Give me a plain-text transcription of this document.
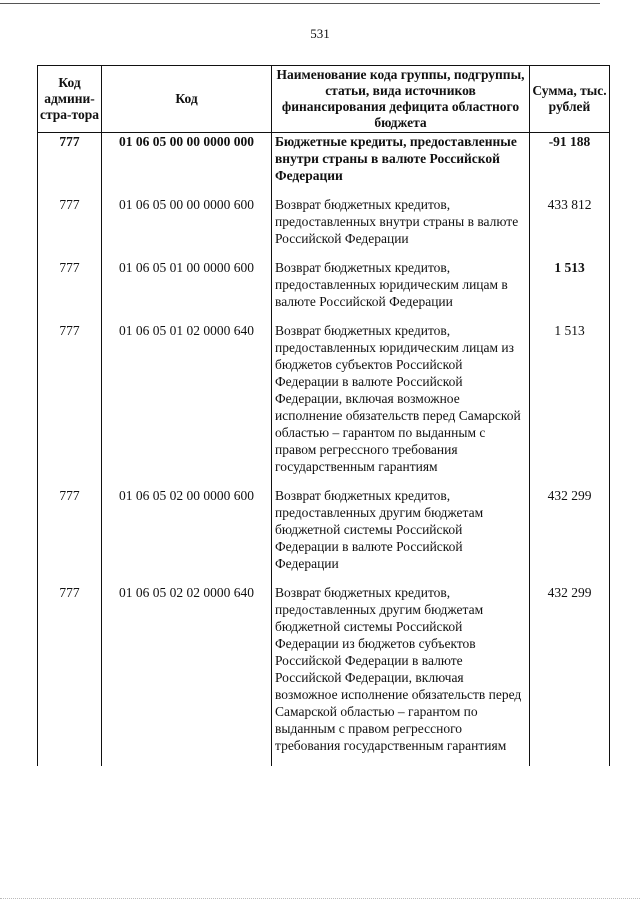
531
Код админи-стра-тора	Код	Наименование кода группы, подгруппы, статьи, вида источников финансирования дефицита областного бюджета	Сумма, тыс. рублей
777	01 06 05 00 00 0000 000	Бюджетные кредиты, предоставленные внутри страны в валюте Российской Федерации	-91 188
777	01 06 05 00 00 0000 600	Возврат бюджетных кредитов, предоставленных внутри страны в валюте Российской Федерации	433 812
777	01 06 05 01 00 0000 600	Возврат бюджетных кредитов, предоставленных юридическим лицам в валюте Российской Федерации	1 513
777	01 06 05 01 02 0000 640	Возврат бюджетных кредитов, предоставленных юридическим лицам из бюджетов субъектов Российской Федерации в валюте Российской Федерации, включая возможное исполнение обязательств перед Самарской областью – гарантом по выданным с правом регрессного требования государственным гарантиям	1 513
777	01 06 05 02 00 0000 600	Возврат бюджетных кредитов, предоставленных другим бюджетам бюджетной системы Российской Федерации в валюте Российской Федерации	432 299
777	01 06 05 02 02 0000 640	Возврат бюджетных кредитов, предоставленных другим бюджетам бюджетной системы Российской Федерации из бюджетов субъектов Российской Федерации в валюте Российской Федерации, включая возможное исполнение обязательств перед Самарской областью – гарантом по выданным с правом регрессного требования государственным гарантиям	432 299
